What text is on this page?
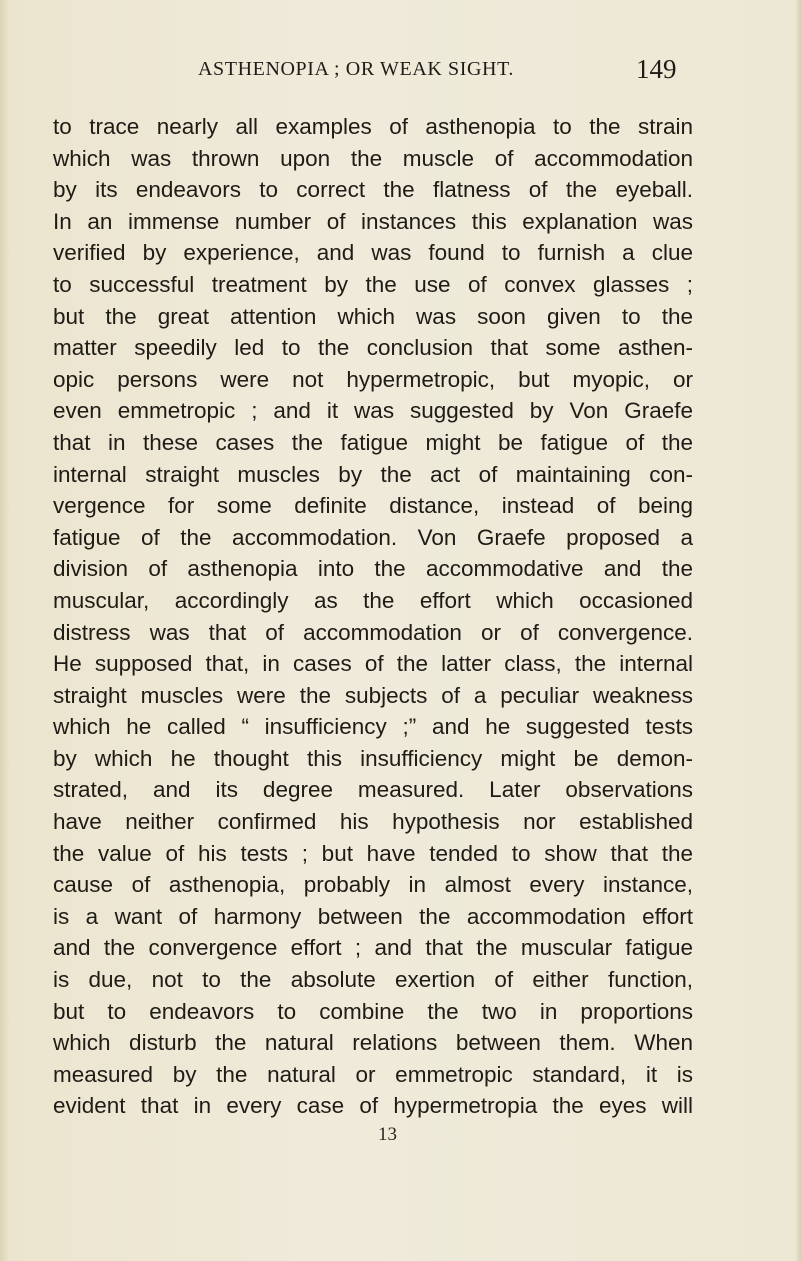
ASTHENOPIA ; OR WEAK SIGHT.	149
to trace nearly all examples of asthenopia to the strain
which was thrown upon the muscle of accommodation
by its endeavors to correct the flatness of the eyeball.
In an immense number of instances this explanation was
verified by experience, and was found to furnish a clue
to successful treatment by the use of convex glasses ;
but the great attention which was soon given to the
matter speedily led to the conclusion that some asthen-
opic persons were not hypermetropic, but myopic, or
even emmetropic ; and it was suggested by Von Graefe
that in these cases the fatigue might be fatigue of the
internal straight muscles by the act of maintaining con-
vergence for some definite distance, instead of being
fatigue of the accommodation. Von Graefe proposed a
division of asthenopia into the accommodative and the
muscular, accordingly as the effort which occasioned
distress was that of accommodation or of convergence.
He supposed that, in cases of the latter class, the internal
straight muscles were the subjects of a peculiar weakness
which he called “ insufficiency ;” and he suggested tests
by which he thought this insufficiency might be demon-
strated, and its degree measured. Later observations
have neither confirmed his hypothesis nor established
the value of his tests ; but have tended to show that the
cause of asthenopia, probably in almost every instance,
is a want of harmony between the accommodation effort
and the convergence effort ; and that the muscular fatigue
is due, not to the absolute exertion of either function,
but to endeavors to combine the two in proportions
which disturb the natural relations between them. When
measured by the natural or emmetropic standard, it is
evident that in every case of hypermetropia the eyes will
13
